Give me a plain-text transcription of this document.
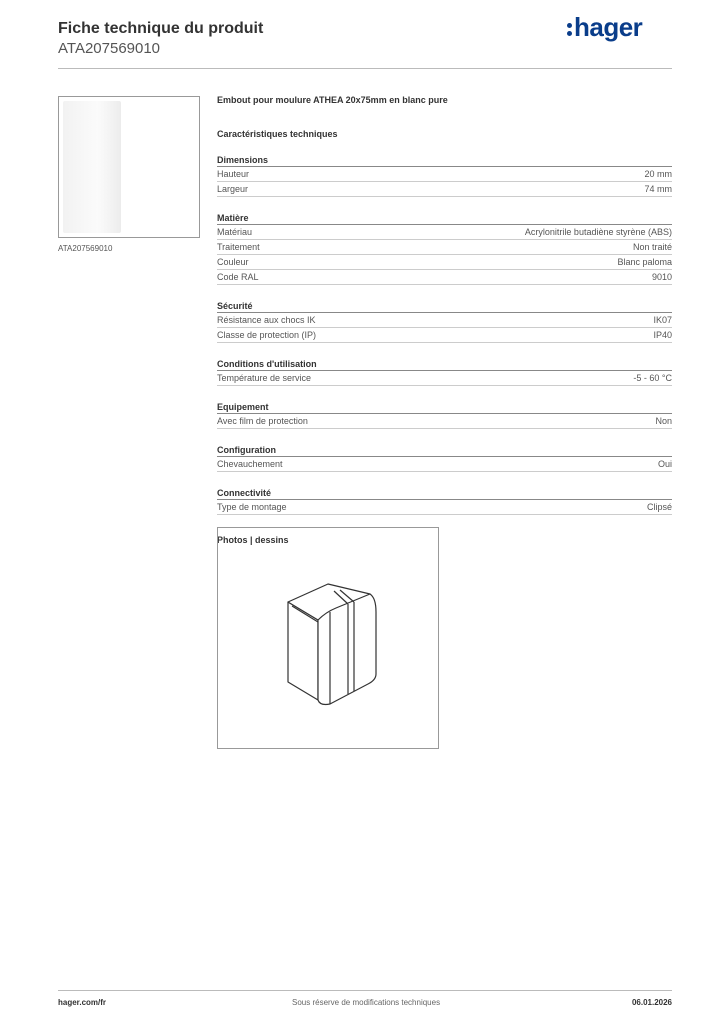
Fiche technique du produit
ATA207569010
hager
ATA207569010
Embout pour moulure ATHEA 20x75mm en blanc pure
Caractéristiques techniques
Dimensions
Hauteur	20 mm
Largeur	74 mm
Matière
Matériau	Acrylonitrile butadiène styrène (ABS)
Traitement	Non traité
Couleur	Blanc paloma
Code RAL	9010
Sécurité
Résistance aux chocs IK	IK07
Classe de protection (IP)	IP40
Conditions d'utilisation
Température de service	-5 - 60 °C
Equipement
Avec film de protection	Non
Configuration
Chevauchement	Oui
Connectivité
Type de montage	Clipsé
Photos | dessins
hager.com/fr	Sous réserve de modifications techniques	06.01.2026
